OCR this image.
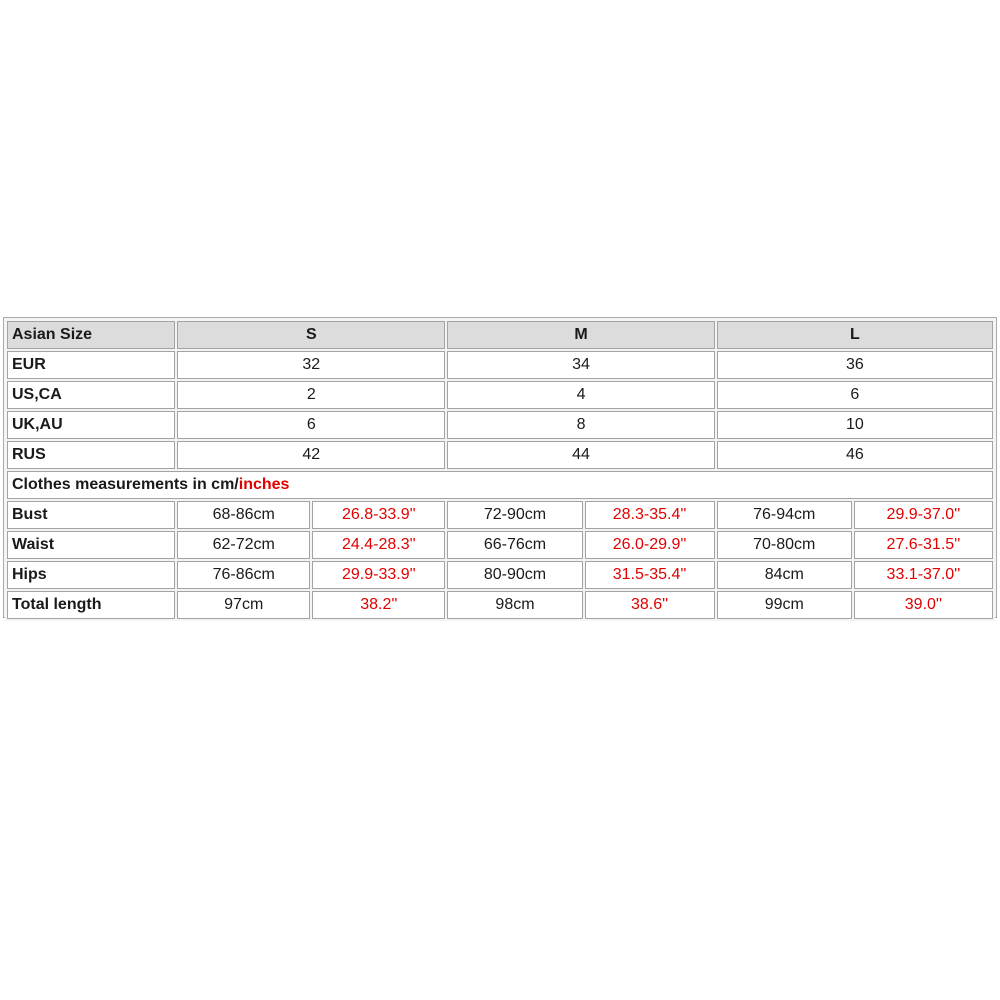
Asian Size	S		M		L	
EUR	32		34		36	
US,CA	2		4		6	
UK,AU	6		8		10	
RUS	42		44		46	
Clothes measurements in cm/inches						
Bust	68-86cm	26.8-33.9''	72-90cm	28.3-35.4''	76-94cm	29.9-37.0''
Waist	62-72cm	24.4-28.3''	66-76cm	26.0-29.9''	70-80cm	27.6-31.5''
Hips	76-86cm	29.9-33.9''	80-90cm	31.5-35.4''	84cm	33.1-37.0''
Total length	97cm	38.2''	98cm	38.6''	99cm	39.0''
